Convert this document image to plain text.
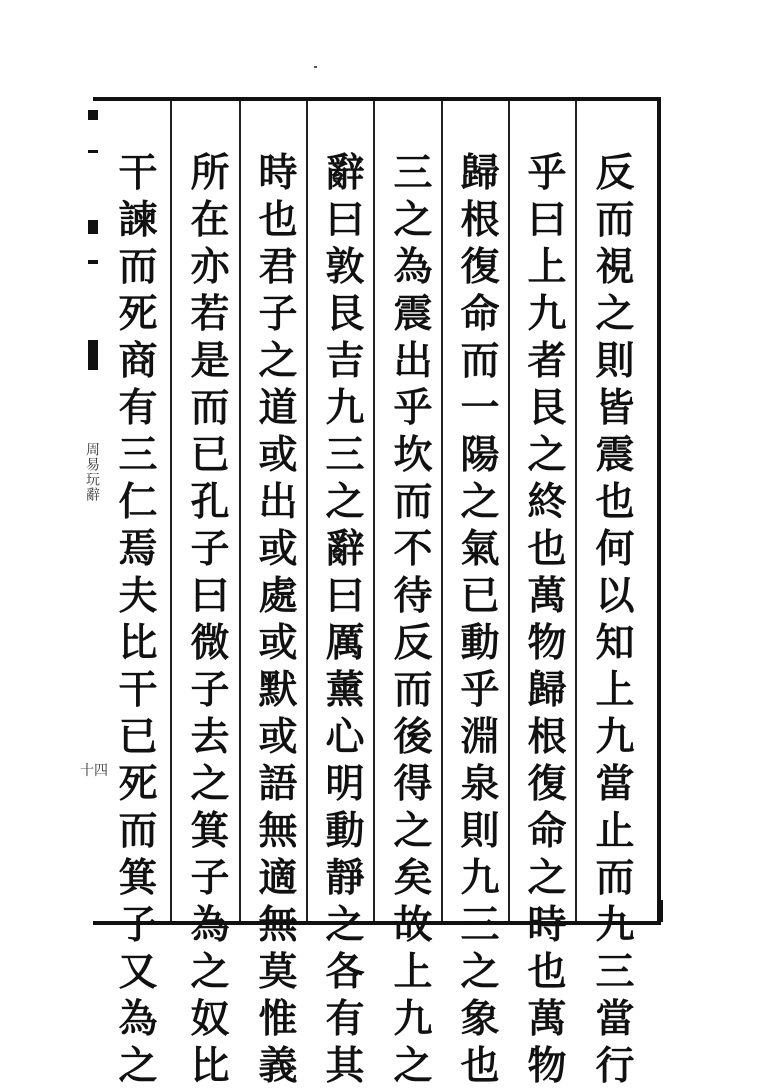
周易玩辭
十四
反
而
視
之
則
皆
震
也
何
以
知
上
九
當
止
而
九
三
當
行
乎
曰
上
九
者
艮
之
終
也
萬
物
歸
根
復
命
之
時
也
萬
物
歸
根
復
命
而
一
陽
之
氣
已
動
乎
淵
泉
則
九
三
之
象
也
三
之
為
震
出
乎
坎
而
不
待
反
而
後
得
之
矣
故
上
九
之
辭
曰
敦
艮
吉
九
三
之
辭
曰
厲
薰
心
明
動
靜
之
各
有
其
時
也
君
子
之
道
或
出
或
處
或
默
或
語
無
適
無
莫
惟
義
所
在
亦
若
是
而
已
孔
子
曰
微
子
去
之
箕
子
為
之
奴
比
干
諫
而
死
商
有
三
仁
焉
夫
比
干
已
死
而
箕
子
又
為
之
